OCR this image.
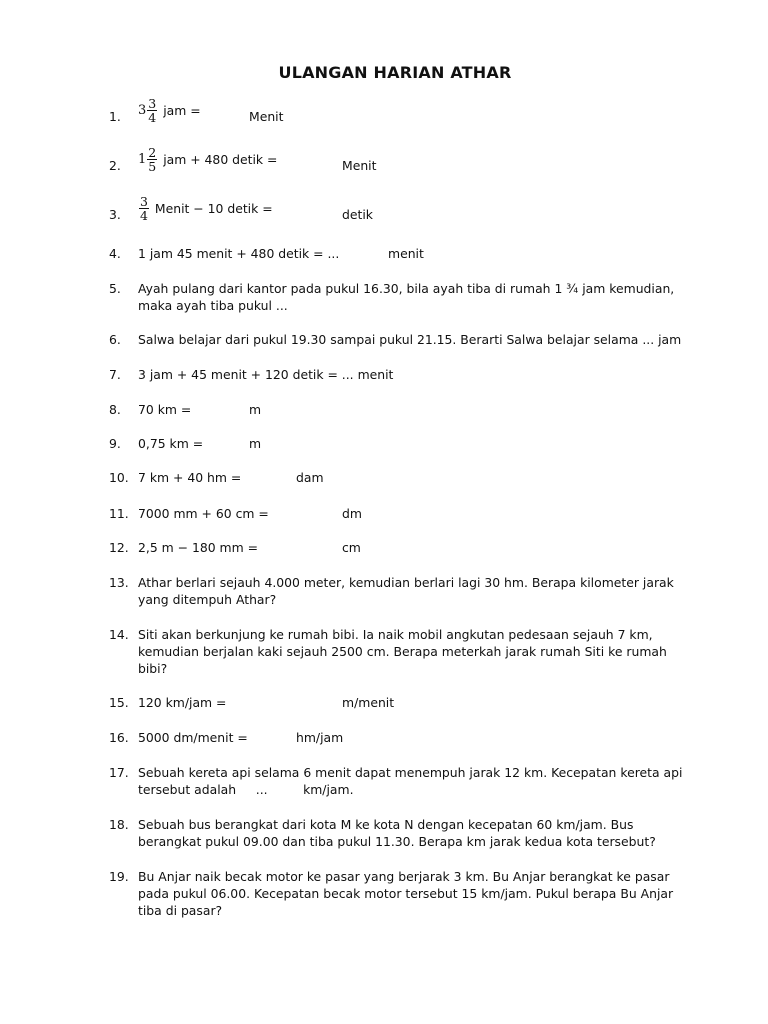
ULANGAN HARIAN ATHAR
1. $3 \frac{3}{4}$ jam =	Menit
2. $1 \frac{2}{5}$ jam + 480 detik =	Menit
3. $\frac{3}{4}$ Menit − 10 detik =	detik
4. 1 jam 45 menit + 480 detik = ...	menit
5. Ayah pulang dari kantor pada pukul 16.30, bila ayah tiba di rumah 1 ¾ jam kemudian,
maka ayah tiba pukul ...
6. Salwa belajar dari pukul 19.30 sampai pukul 21.15. Berarti Salwa belajar selama ... jam
7. 3 jam + 45 menit + 120 detik = ... menit
8. 70 km =	m
9. 0,75 km =	m
10. 7 km + 40 hm =	dam
11. 7000 mm + 60 cm =	dm
12. 2,5 m − 180 mm =	cm
13. Athar berlari sejauh 4.000 meter, kemudian berlari lagi 30 hm. Berapa kilometer jarak
yang ditempuh Athar?
14. Siti akan berkunjung ke rumah bibi. Ia naik mobil angkutan pedesaan sejauh 7 km,
kemudian berjalan kaki sejauh 2500 cm. Berapa meterkah jarak rumah Siti ke rumah
bibi?
15. 120 km/jam =	m/menit
16. 5000 dm/menit =	hm/jam
17. Sebuah kereta api selama 6 menit dapat menempuh jarak 12 km. Kecepatan kereta api
tersebut adalah     ...         km/jam.
18. Sebuah bus berangkat dari kota M ke kota N dengan kecepatan 60 km/jam. Bus
berangkat pukul 09.00 dan tiba pukul 11.30. Berapa km jarak kedua kota tersebut?
19. Bu Anjar naik becak motor ke pasar yang berjarak 3 km. Bu Anjar berangkat ke pasar
pada pukul 06.00. Kecepatan becak motor tersebut 15 km/jam. Pukul berapa Bu Anjar
tiba di pasar?
